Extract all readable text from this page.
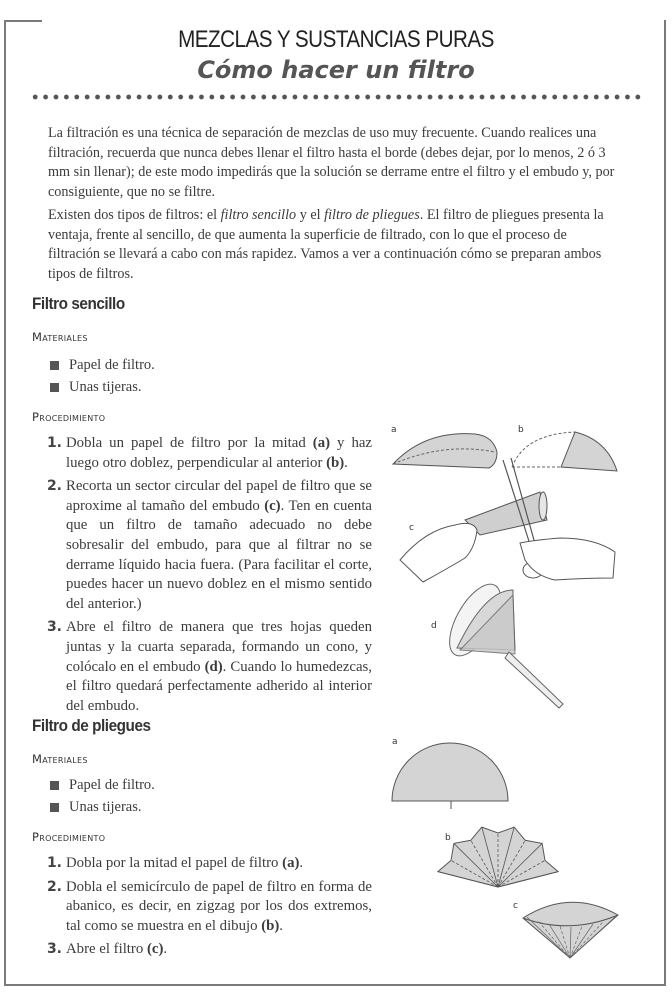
MEZCLAS Y SUSTANCIAS PURAS
Cómo hacer un filtro

La filtración es una técnica de separación de mezclas de uso muy frecuente. Cuando realices una filtración, recuerda que nunca debes llenar el filtro hasta el borde (debes dejar, por lo menos, 2 ó 3 mm sin llenar); de este modo impedirás que la solución se derrame entre el filtro y el embudo y, por consiguiente, que no se filtre.

Existen dos tipos de filtros: el filtro sencillo y el filtro de pliegues. El filtro de pliegues presenta la ventaja, frente al sencillo, de que aumenta la superficie de filtrado, con lo que el proceso de filtración se llevará a cabo con más rapidez. Vamos a ver a continuación cómo se preparan ambos tipos de filtros.

Filtro sencillo
Materiales
Papel de filtro.
Unas tijeras.
Procedimiento
1. Dobla un papel de filtro por la mitad (a) y haz luego otro doblez, perpendicular al anterior (b).
2. Recorta un sector circular del papel de filtro que se aproxime al tamaño del embudo (c). Ten en cuenta que un filtro de tamaño adecuado no debe sobresalir del embudo, para que al filtrar no se derrame líquido hacia fuera. (Para facilitar el corte, puedes hacer un nuevo doblez en el mismo sentido del anterior.)
3. Abre el filtro de manera que tres hojas queden juntas y la cuarta separada, formando un cono, y colócalo en el embudo (d). Cuando lo humedezcas, el filtro quedará perfectamente adherido al interior del embudo.
a	b
c
d
Filtro de pliegues
Materiales
Papel de filtro.
Unas tijeras.
Procedimiento
1. Dobla por la mitad el papel de filtro (a).
2. Dobla el semicírculo de papel de filtro en forma de abanico, es decir, en zigzag por los dos extremos, tal como se muestra en el dibujo (b).
3. Abre el filtro (c).
a
b
c
